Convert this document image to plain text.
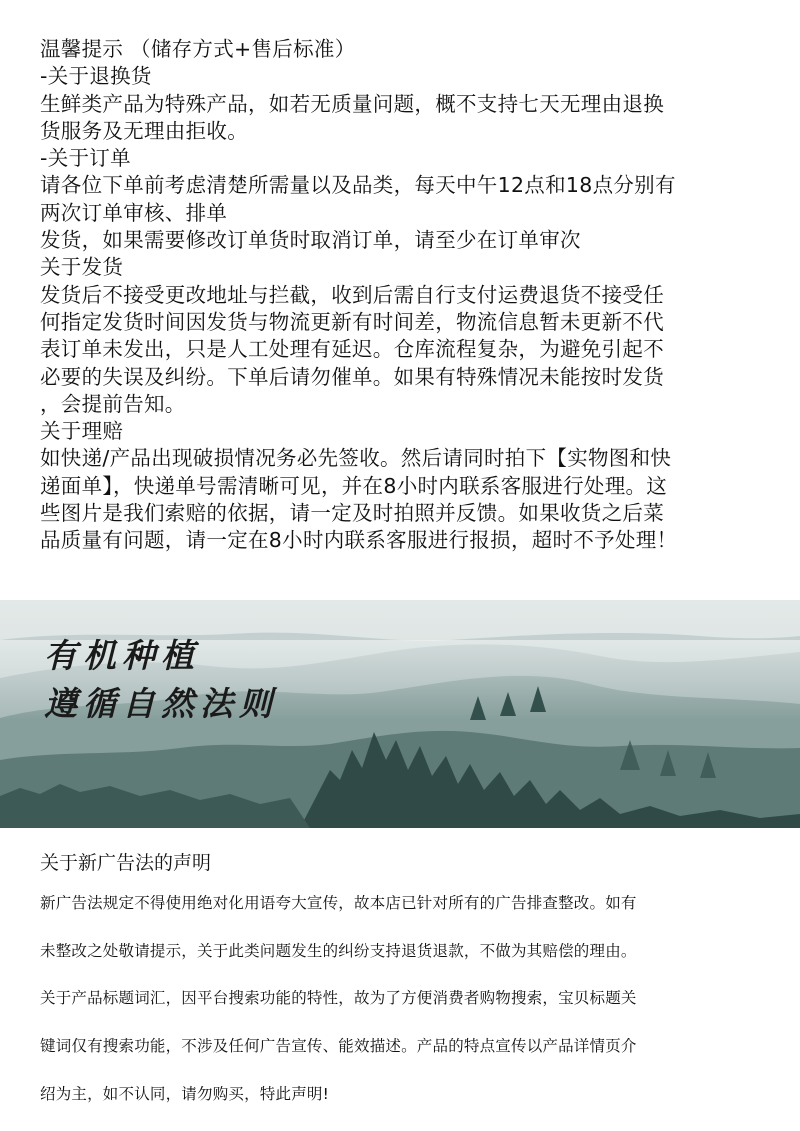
温馨提示 （储存方式+售后标准）
-关于退换货
生鲜类产品为特殊产品，如若无质量问题，概不支持七天无理由退换
货服务及无理由拒收。
-关于订单
请各位下单前考虑清楚所需量以及品类，每天中午12点和18点分别有
两次订单审核、排单
发货，如果需要修改订单货时取消订单，请至少在订单审次
关于发货
发货后不接受更改地址与拦截，收到后需自行支付运费退货不接受任
何指定发货时间因发货与物流更新有时间差，物流信息暂未更新不代
表订单未发出，只是人工处理有延迟。仓库流程复杂，为避免引起不
必要的失误及纠纷。下单后请勿催单。如果有特殊情况未能按时发货
，会提前告知。
关于理赔
如快递/产品出现破损情况务必先签收。然后请同时拍下【实物图和快
递面单】，快递单号需清晰可见，并在8小时内联系客服进行处理。这
些图片是我们索赔的依据，请一定及时拍照并反馈。如果收货之后菜
品质量有问题，请一定在8小时内联系客服进行报损，超时不予处理！
有机种植
遵循自然法则
关于新广告法的声明
新广告法规定不得使用绝对化用语夸大宣传，故本店已针对所有的广告排查整改。如有
未整改之处敬请提示，关于此类问题发生的纠纷支持退货退款，不做为其赔偿的理由。
关于产品标题词汇，因平台搜索功能的特性，故为了方便消费者购物搜索，宝贝标题关
键词仅有搜索功能，不涉及任何广告宣传、能效描述。产品的特点宣传以产品详情页介
绍为主，如不认同，请勿购买，特此声明!
